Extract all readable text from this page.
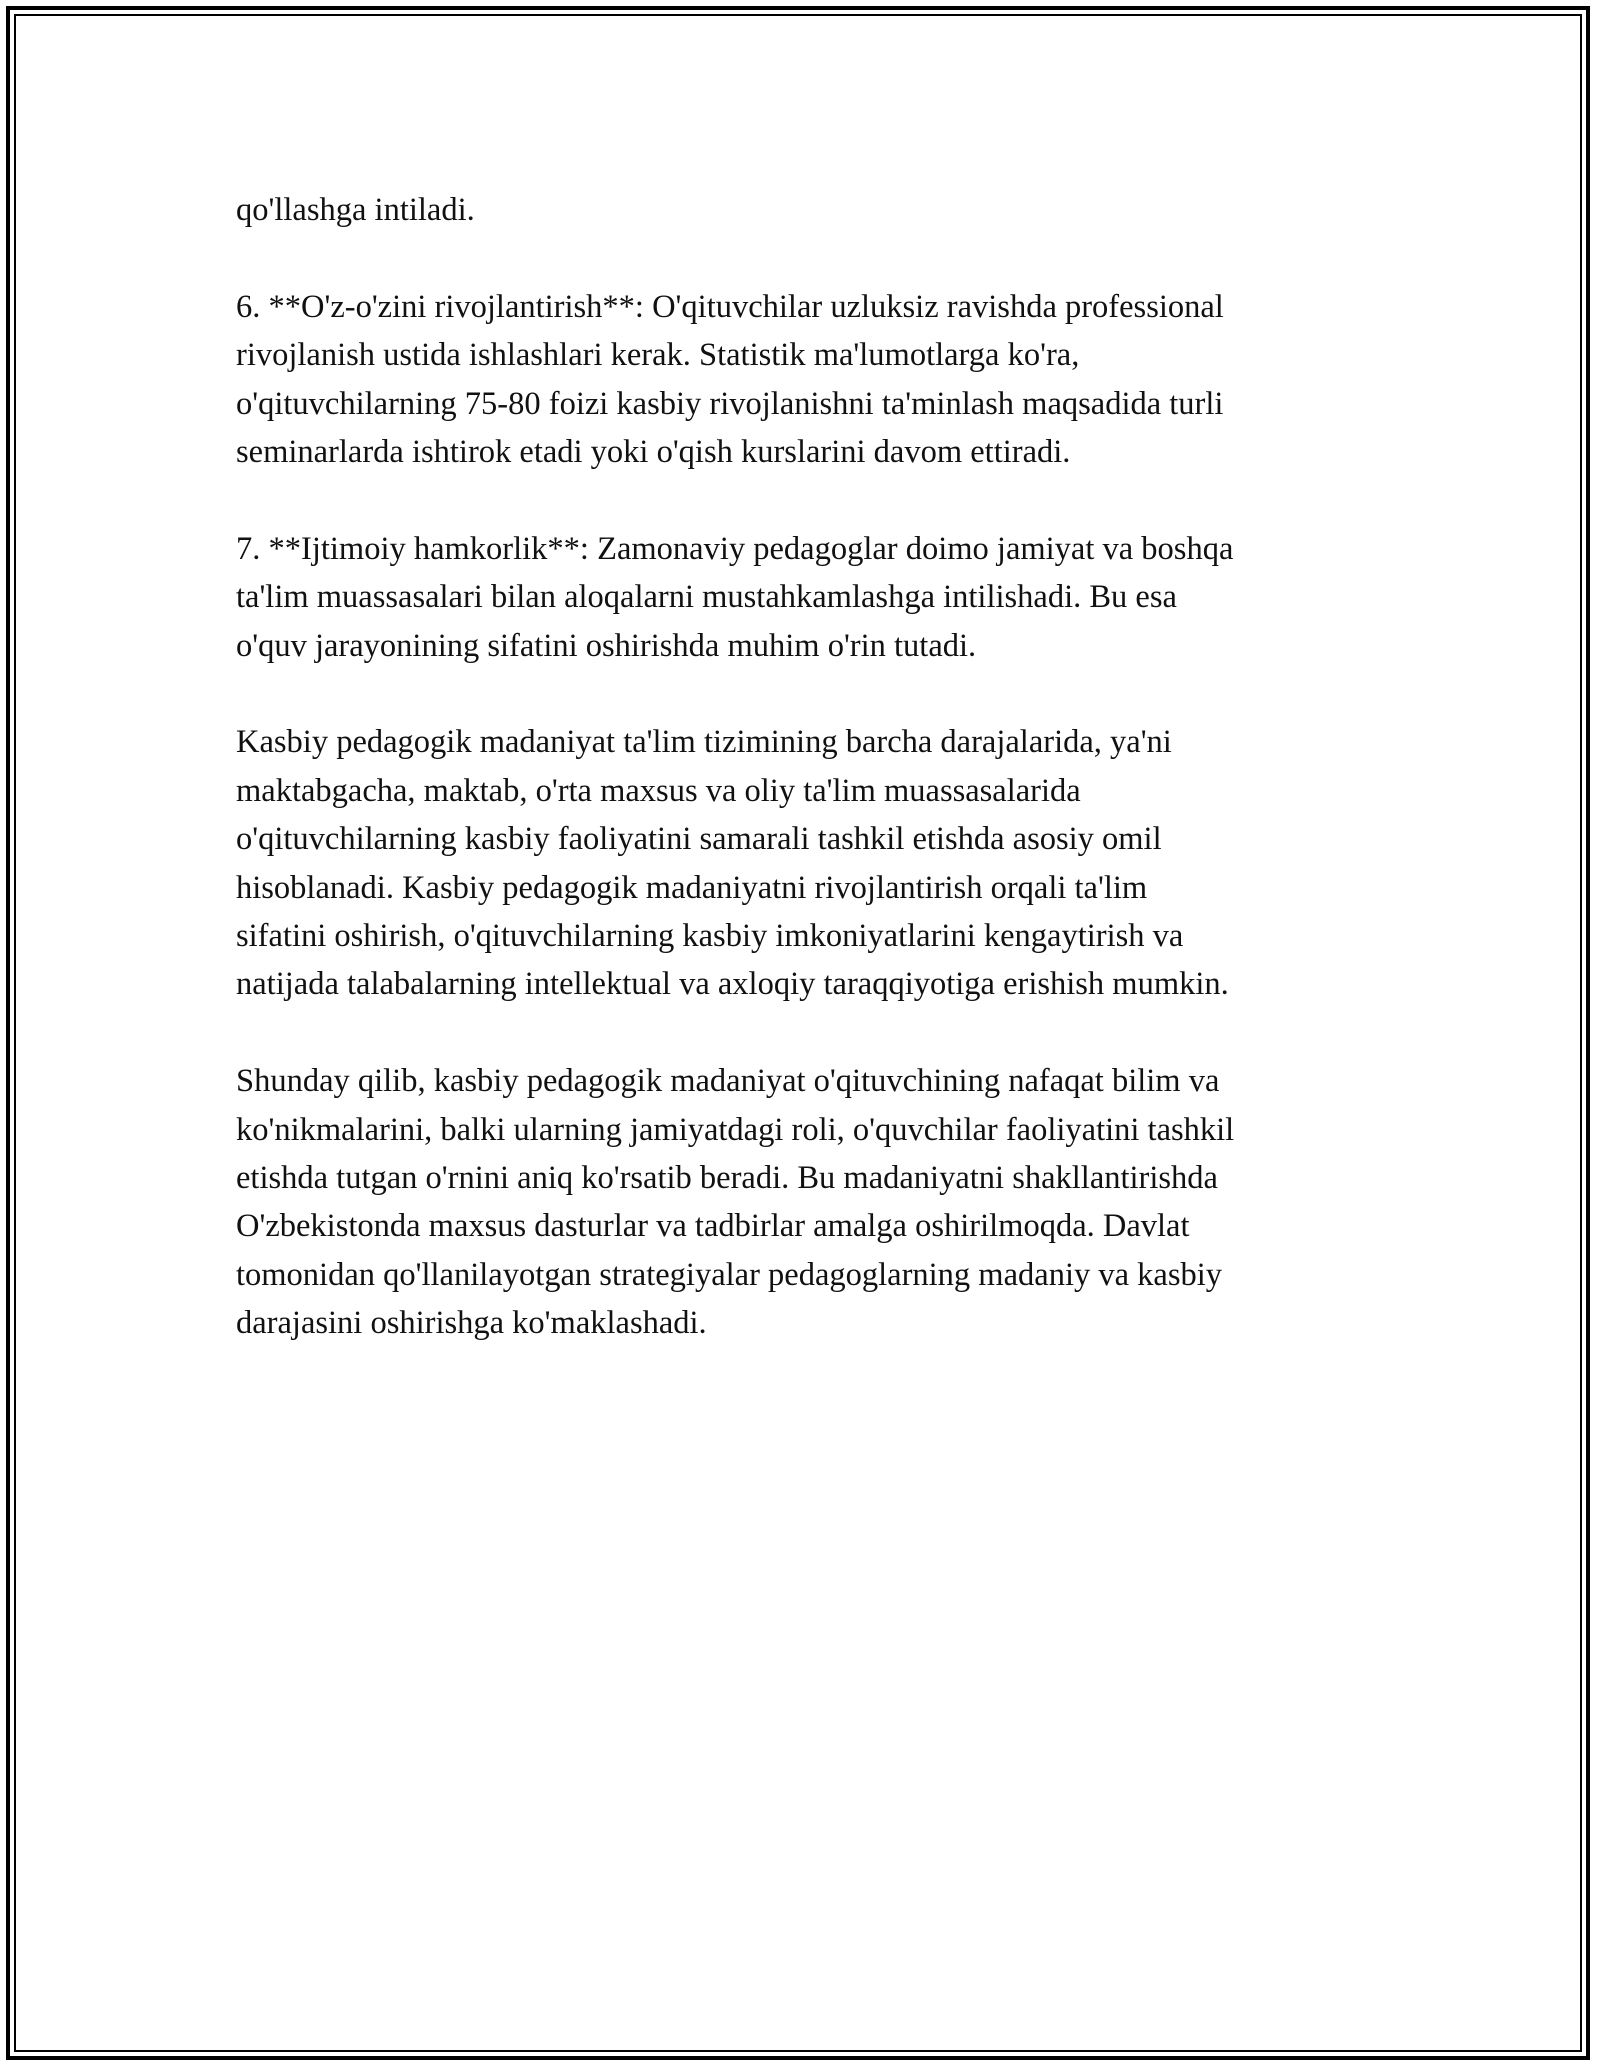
qo'llashga intiladi.

6. **O'z-o'zini rivojlantirish**: O'qituvchilar uzluksiz ravishda professional
rivojlanish ustida ishlashlari kerak. Statistik ma'lumotlarga ko'ra,
o'qituvchilarning 75-80 foizi kasbiy rivojlanishni ta'minlash maqsadida turli
seminarlarda ishtirok etadi yoki o'qish kurslarini davom ettiradi.

7. **Ijtimoiy hamkorlik**: Zamonaviy pedagoglar doimo jamiyat va boshqa
ta'lim muassasalari bilan aloqalarni mustahkamlashga intilishadi. Bu esa
o'quv jarayonining sifatini oshirishda muhim o'rin tutadi.

Kasbiy pedagogik madaniyat ta'lim tizimining barcha darajalarida, ya'ni
maktabgacha, maktab, o'rta maxsus va oliy ta'lim muassasalarida
o'qituvchilarning kasbiy faoliyatini samarali tashkil etishda asosiy omil
hisoblanadi. Kasbiy pedagogik madaniyatni rivojlantirish orqali ta'lim
sifatini oshirish, o'qituvchilarning kasbiy imkoniyatlarini kengaytirish va
natijada talabalarning intellektual va axloqiy taraqqiyotiga erishish mumkin.

Shunday qilib, kasbiy pedagogik madaniyat o'qituvchining nafaqat bilim va
ko'nikmalarini, balki ularning jamiyatdagi roli, o'quvchilar faoliyatini tashkil
etishda tutgan o'rnini aniq ko'rsatib beradi. Bu madaniyatni shakllantirishda
O'zbekistonda maxsus dasturlar va tadbirlar amalga oshirilmoqda. Davlat
tomonidan qo'llanilayotgan strategiyalar pedagoglarning madaniy va kasbiy
darajasini oshirishga ko'maklashadi.
